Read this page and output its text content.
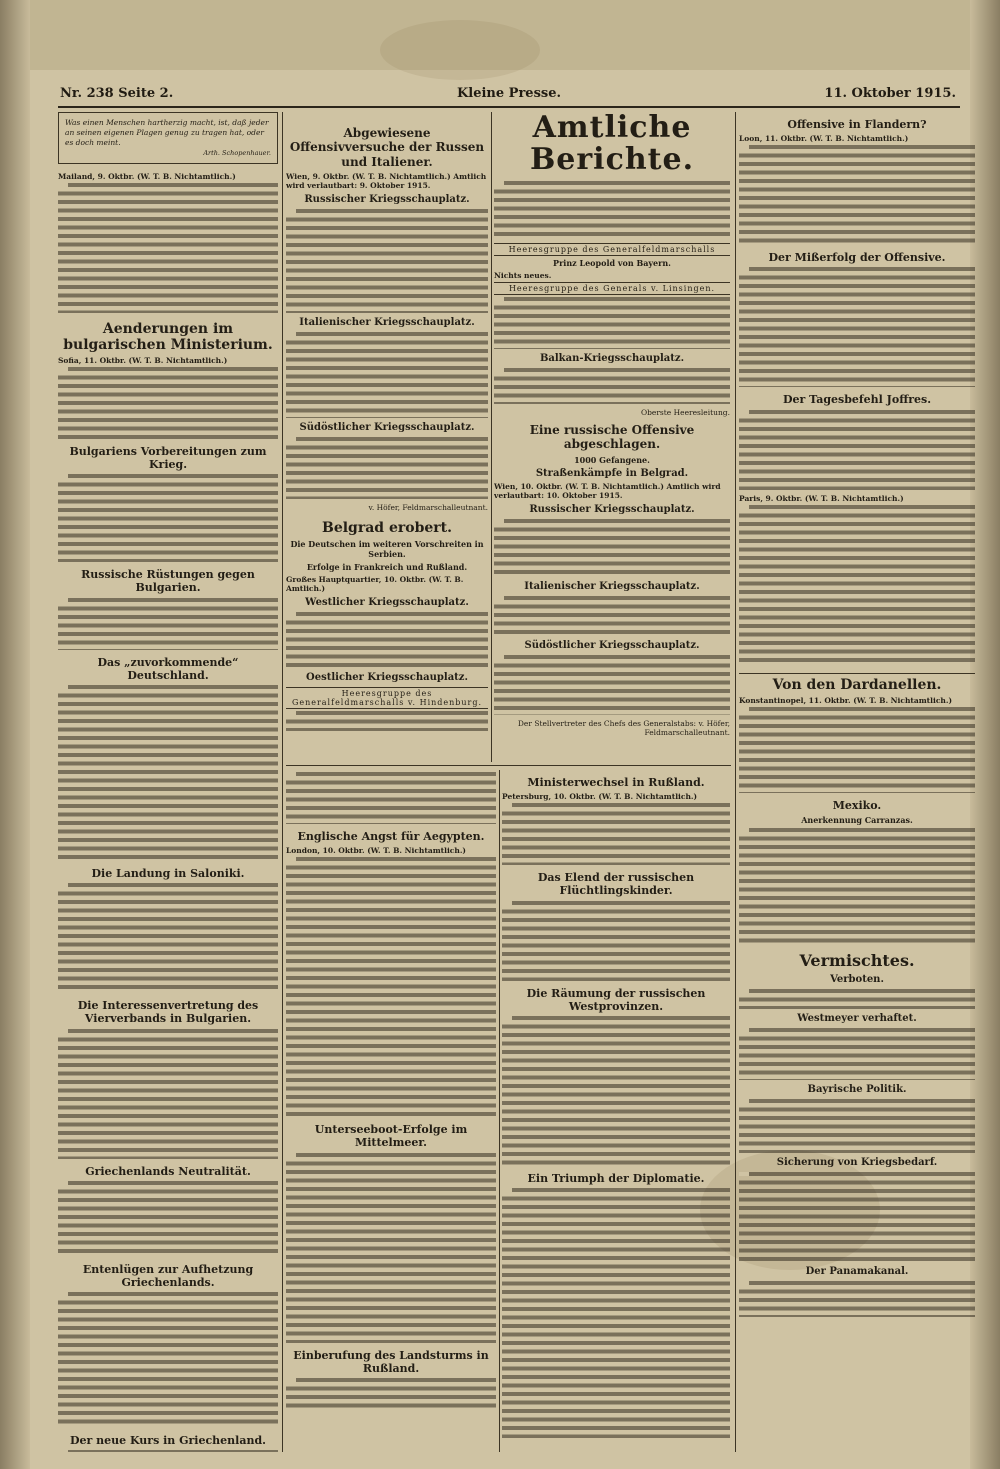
Nr. 238 Seite 2.	Kleine Presse.	11. Oktober 1915.
Was einen Menschen hartherzig macht, ist, daß jeder an seinen eigenen Plagen genug zu tragen hat, oder es doch meint.
Arth. Schopenhauer.
Mailand, 9. Oktbr. (W. T. B. Nichtamtlich.)
Aenderungen im bulgarischen Ministerium.
Sofia, 11. Oktbr. (W. T. B. Nichtamtlich.)
Bulgariens Vorbereitungen zum Krieg.
Russische Rüstungen gegen Bulgarien.
Das „zuvorkommende“ Deutschland.
Die Landung in Saloniki.
Die Interessenvertretung des Vierverbands in Bulgarien.
Griechenlands Neutralität.
Entenlügen zur Aufhetzung Griechenlands.
Der neue Kurs in Griechenland.
Abgewiesene Offensivversuche der Russen und Italiener.
Wien, 9. Oktbr. (W. T. B. Nichtamtlich.) Amtlich wird verlautbart: 9. Oktober 1915.
Russischer Kriegsschauplatz.
Italienischer Kriegsschauplatz.
Südöstlicher Kriegsschauplatz.
v. Höfer, Feldmarschalleutnant.
Belgrad erobert.
Die Deutschen im weiteren Vorschreiten in Serbien.
Erfolge in Frankreich und Rußland.
Großes Hauptquartier, 10. Oktbr. (W. T. B. Amtlich.)
Westlicher Kriegsschauplatz.
Oestlicher Kriegsschauplatz.
Heeresgruppe des Generalfeldmarschalls v. Hindenburg.
Amtliche Berichte.
Heeresgruppe des Generalfeldmarschalls
Prinz Leopold von Bayern.
Nichts neues.
Heeresgruppe des Generals v. Linsingen.
Balkan-Kriegsschauplatz.
Oberste Heeresleitung.
Eine russische Offensive abgeschlagen.
1000 Gefangene.
Straßenkämpfe in Belgrad.
Wien, 10. Oktbr. (W. T. B. Nichtamtlich.) Amtlich wird verlautbart: 10. Oktober 1915.
Russischer Kriegsschauplatz.
Italienischer Kriegsschauplatz.
Südöstlicher Kriegsschauplatz.
Der Stellvertreter des Chefs des Generalstabs: v. Höfer, Feldmarschalleutnant.
Offensive in Flandern?
Loon, 11. Oktbr. (W. T. B. Nichtamtlich.)
Der Mißerfolg der Offensive.
Der Tagesbefehl Joffres.
Paris, 9. Oktbr. (W. T. B. Nichtamtlich.)
Von den Dardanellen.
Konstantinopel, 11. Oktbr. (W. T. B. Nichtamtlich.)
Mexiko.
Anerkennung Carranzas.
Vermischtes.
Verboten.
Westmeyer verhaftet.
Bayrische Politik.
Sicherung von Kriegsbedarf.
Der Panamakanal.
Englische Angst für Aegypten.
London, 10. Oktbr. (W. T. B. Nichtamtlich.)
Unterseeboot-Erfolge im Mittelmeer.
Einberufung des Landsturms in Rußland.
Ministerwechsel in Rußland.
Petersburg, 10. Oktbr. (W. T. B. Nichtamtlich.)
Das Elend der russischen Flüchtlingskinder.
Die Räumung der russischen Westprovinzen.
Ein Triumph der Diplomatie.
